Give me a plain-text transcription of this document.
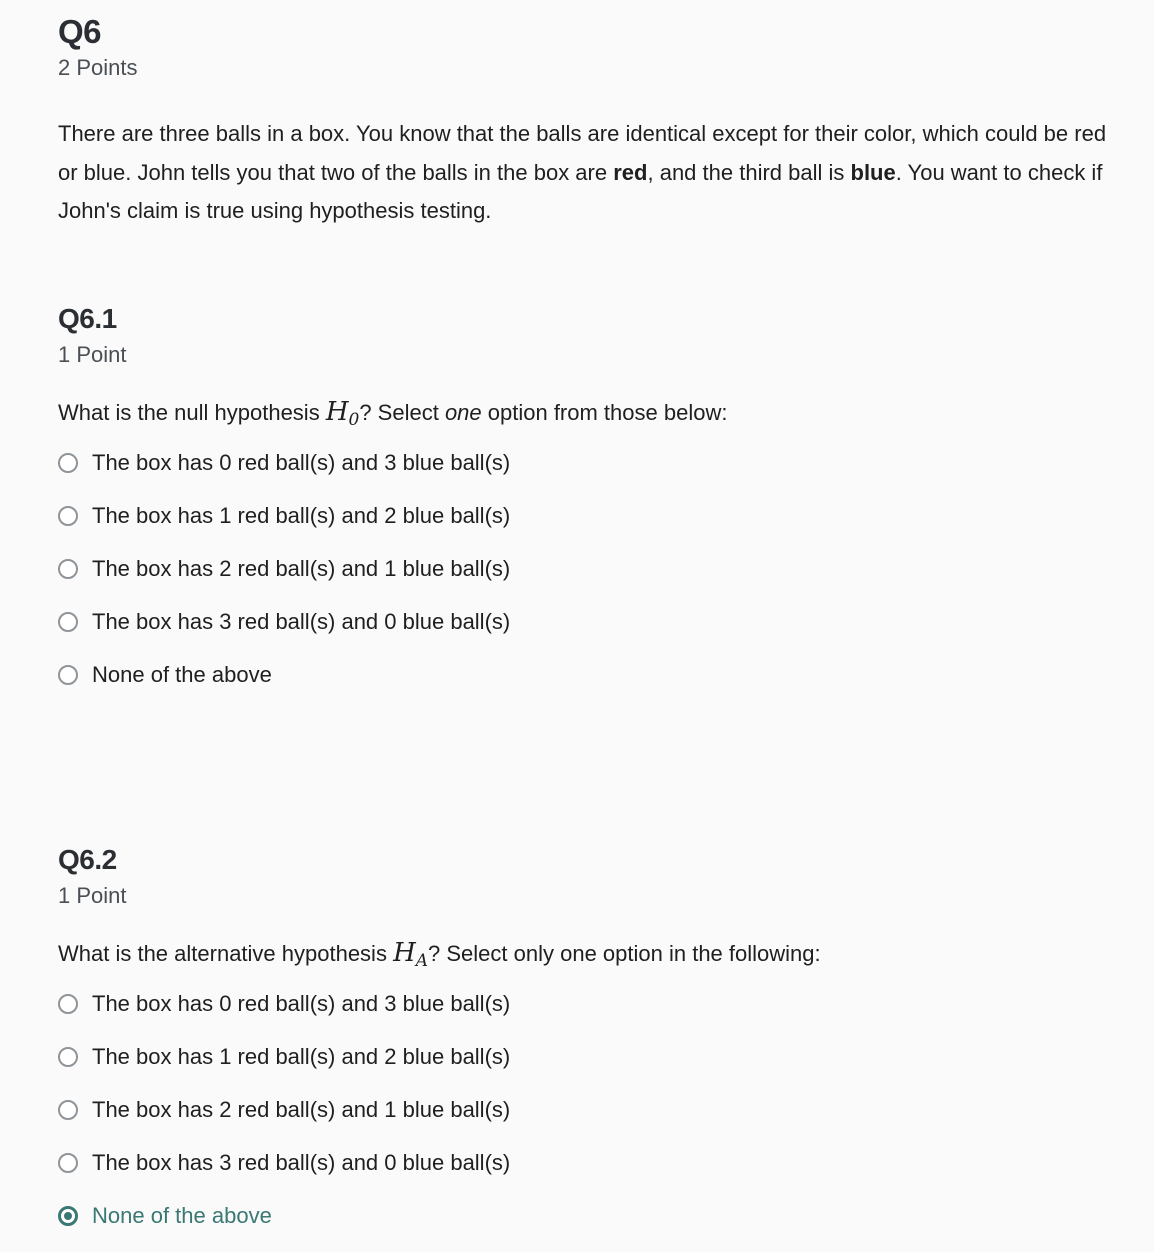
Q6

2 Points

There are three balls in a box. You know that the balls are identical except for their color, which could be red or blue. John tells you that two of the balls in the box are red, and the third ball is blue. You want to check if John's claim is true using hypothesis testing.

Q6.1

1 Point

What is the null hypothesis $H_0$? Select one option from those below:

The box has 0 red ball(s) and 3 blue ball(s)
The box has 1 red ball(s) and 2 blue ball(s)
The box has 2 red ball(s) and 1 blue ball(s)
The box has 3 red ball(s) and 0 blue ball(s)
None of the above
Q6.2

1 Point

What is the alternative hypothesis $H_A$? Select only one option in the following:

The box has 0 red ball(s) and 3 blue ball(s)
The box has 1 red ball(s) and 2 blue ball(s)
The box has 2 red ball(s) and 1 blue ball(s)
The box has 3 red ball(s) and 0 blue ball(s)
None of the above
